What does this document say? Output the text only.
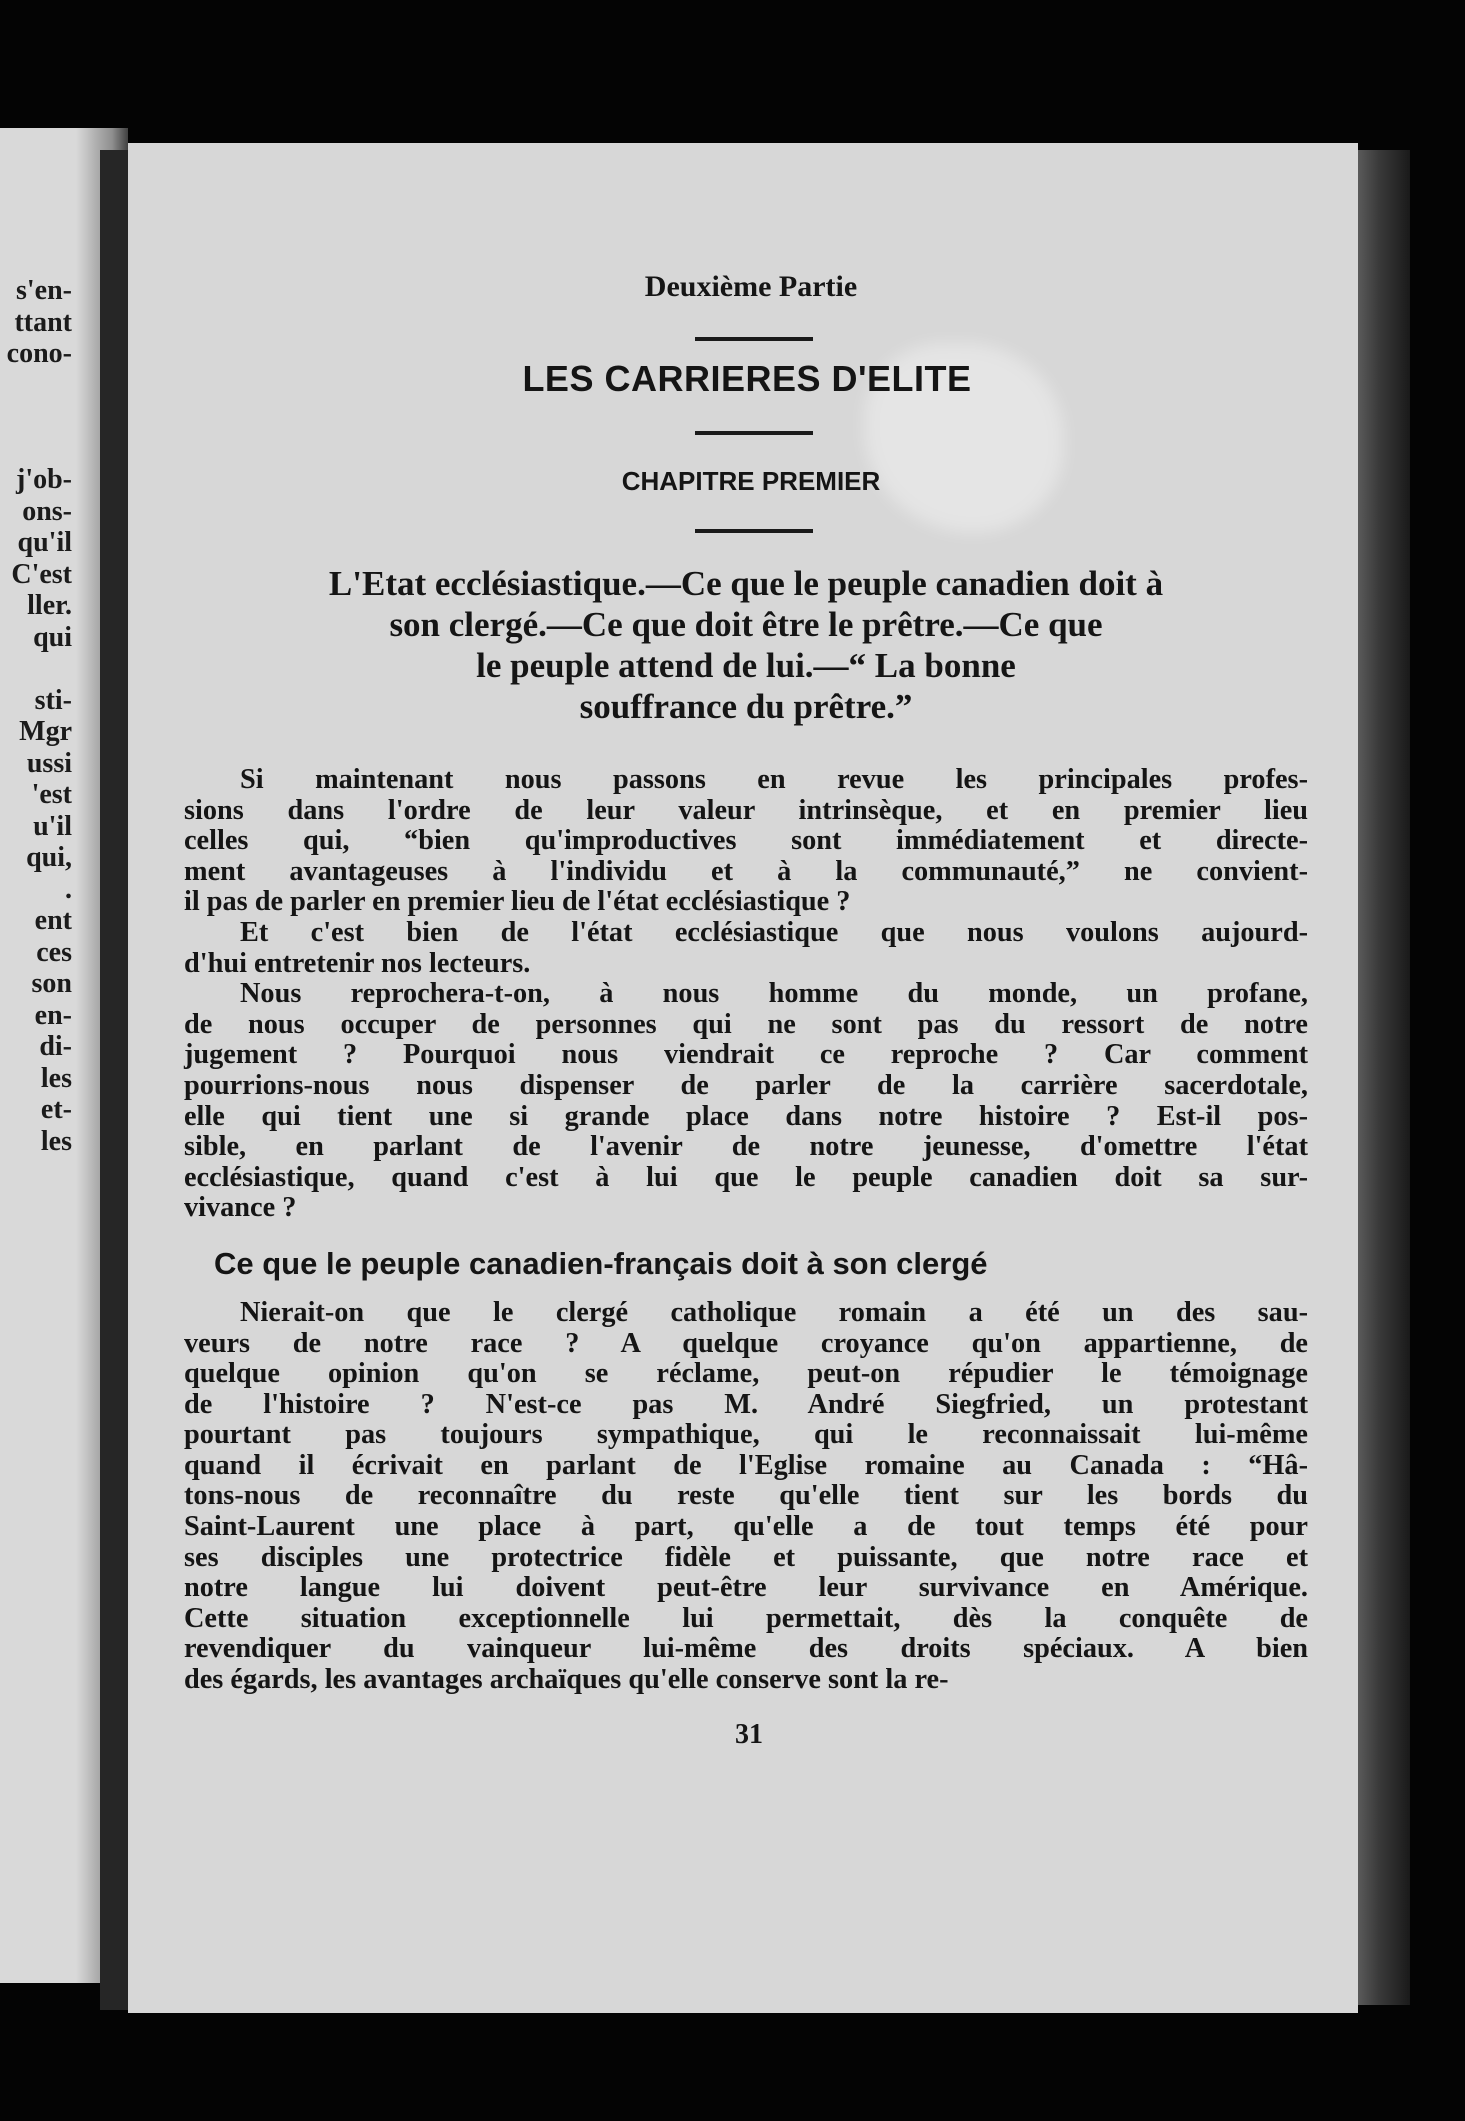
s'en-
ttant
cono-
j'ob-
ons-
qu'il
C'est
ller.
qui
sti-
Mgr
ussi
'est
u'il
qui,
.
ent
ces
son
en-
di-
les
et-
les

Deuxième Partie

LES CARRIERES D'ELITE
CHAPITRE PREMIER
L'Etat ecclésiastique.—Ce que le peuple canadien doit à
son clergé.—Ce que doit être le prêtre.—Ce que
le peuple attend de lui.—“ La bonne
souffrance du prêtre.”

Si maintenant nous passons en revue les principales profes-
sions dans l'ordre de leur valeur intrinsèque, et en premier lieu
celles qui, “bien qu'improductives sont immédiatement et directe-
ment avantageuses à l'individu et à la communauté,” ne convient-
il pas de parler en premier lieu de l'état ecclésiastique ?

Et c'est bien de l'état ecclésiastique que nous voulons aujourd-
d'hui entretenir nos lecteurs.

Nous reprochera-t-on, à nous homme du monde, un profane,
de nous occuper de personnes qui ne sont pas du ressort de notre
jugement ? Pourquoi nous viendrait ce reproche ? Car comment
pourrions-nous nous dispenser de parler de la carrière sacerdotale,
elle qui tient une si grande place dans notre histoire ? Est-il pos-
sible, en parlant de l'avenir de notre jeunesse, d'omettre l'état
ecclésiastique, quand c'est à lui que le peuple canadien doit sa sur-
vivance ?

Ce que le peuple canadien-français doit à son clergé

Nierait-on que le clergé catholique romain a été un des sau-
veurs de notre race ? A quelque croyance qu'on appartienne, de
quelque opinion qu'on se réclame, peut-on répudier le témoignage
de l'histoire ? N'est-ce pas M. André Siegfried, un protestant
pourtant pas toujours sympathique, qui le reconnaissait lui-même
quand il écrivait en parlant de l'Eglise romaine au Canada : “Hâ-
tons-nous de reconnaître du reste qu'elle tient sur les bords du
Saint-Laurent une place à part, qu'elle a de tout temps été pour
ses disciples une protectrice fidèle et puissante, que notre race et
notre langue lui doivent peut-être leur survivance en Amérique.
Cette situation exceptionnelle lui permettait, dès la conquête de
revendiquer du vainqueur lui-même des droits spéciaux. A bien
des égards, les avantages archaïques qu'elle conserve sont la re-

31
